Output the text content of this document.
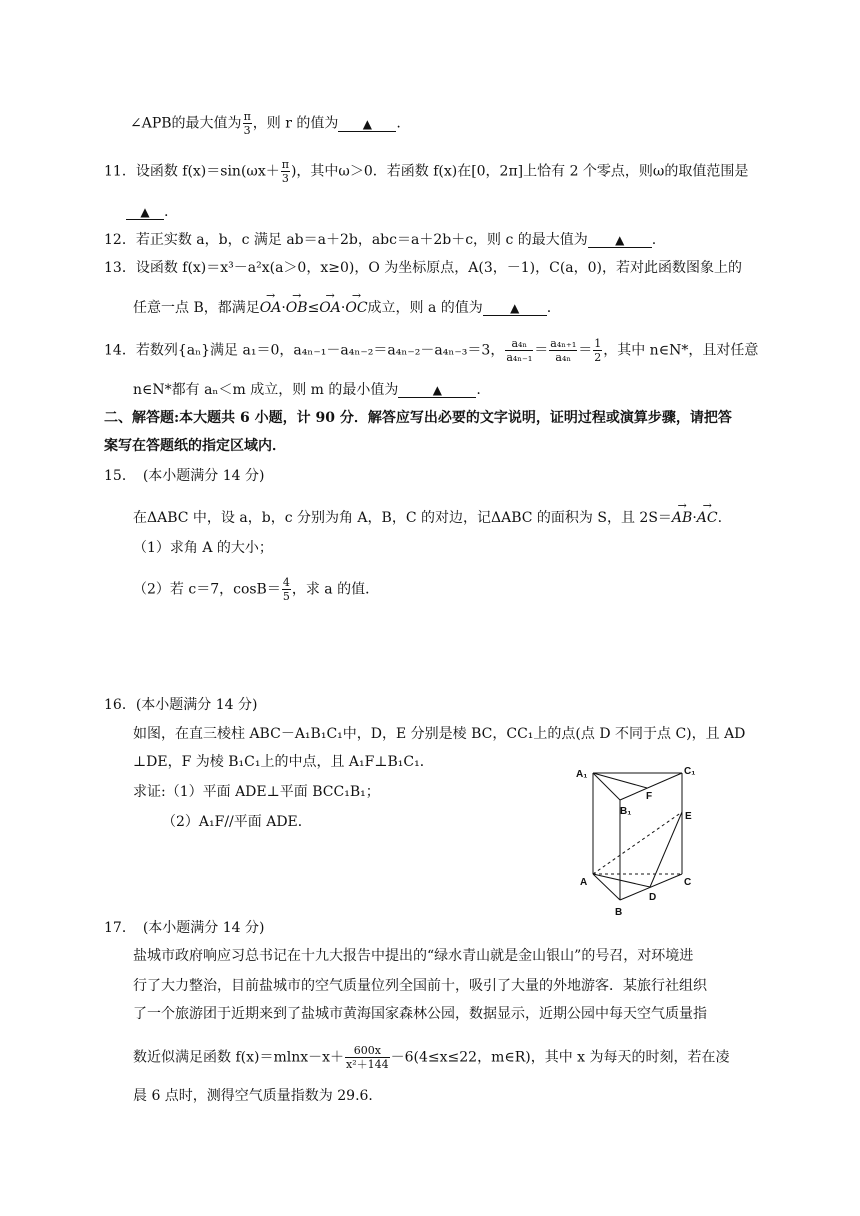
∠APB的最大值为 $\frac{\pi}{3}$ ，则 r 的值为 ▲ .
11．设函数 $f(x)=\sin(\omega x+ \frac{\pi}{3}$ )，其中ω＞0．若函数 f(x)在[0，2π]上恰有 2 个零点，则ω的取值范围是
▲ .
12．若正实数 a，b，c 满足 ab＝a＋2b，abc＝a＋2b＋c，则 c 的最大值为 ▲ .
13．设函数 f(x)＝x³－a²x(a＞0，x≥0)，O 为坐标原点，A(3，－1)，C(a，0)，若对此函数图象上的
任意一点 B，都满足→ OA·→ OB≤→ OA·→ OC成立，则 a 的值为 ▲ .
14．若数列{aₙ}满足 a₁＝0，a₄ₙ₋₁－a₄ₙ₋₂＝a₄ₙ₋₂－a₄ₙ₋₃＝3， $\frac{\text{a₄ₙ}}{\text{a₄ₙ₋₁}} = \frac{\text{a₄ₙ₊₁}}{\text{a₄ₙ}} = \frac{1}{2}$ ，其中 n∈N*，且对任意
n∈N*都有 aₙ＜m 成立，则 m 的最小值为	▲ .
二、解答题:本大题共 6 小题，计 90 分．解答应写出必要的文字说明，证明过程或演算步骤，请把答
案写在答题纸的指定区域内．
15．　(本小题满分 14 分)
在ΔABC 中，设 a，b，c 分别为角 A，B，C 的对边，记ΔABC 的面积为 S，且 2S＝→ AB·→ AC.
（1）求角 A 的大小；
（2）若 c＝7，$\cos B= \frac{4}{5}$ ，求 a 的值．
16．(本小题满分 14 分)
如图，在直三棱柱 ABC－A₁B₁C₁中，D，E 分别是棱 BC，CC₁上的点(点 D 不同于点 C)，且 AD
⊥DE，F 为棱 B₁C₁上的中点，且 A₁F⊥B₁C₁．
求证:（1）平面 ADE⊥平面 BCC₁B₁；
（2）A₁F//平面 ADE．
A₁	C₁
B₁
F
E
A	C
D
B
17．　(本小题满分 14 分)
盐城市政府响应习总书记在十九大报告中提出的“绿水青山就是金山银山”的号召，对环境进
行了大力整治，目前盐城市的空气质量位列全国前十，吸引了大量的外地游客．某旅行社组织
了一个旅游团于近期来到了盐城市黄海国家森林公园，数据显示，近期公园中每天空气质量指
数近似满足函数 $f(x)=mlnx-x+ \frac{600x}{\text{x²＋144}} -6(4\le x\le 22$，m∈R)，其中 x 为每天的时刻，若在凌
晨 6 点时，测得空气质量指数为 29.6．
